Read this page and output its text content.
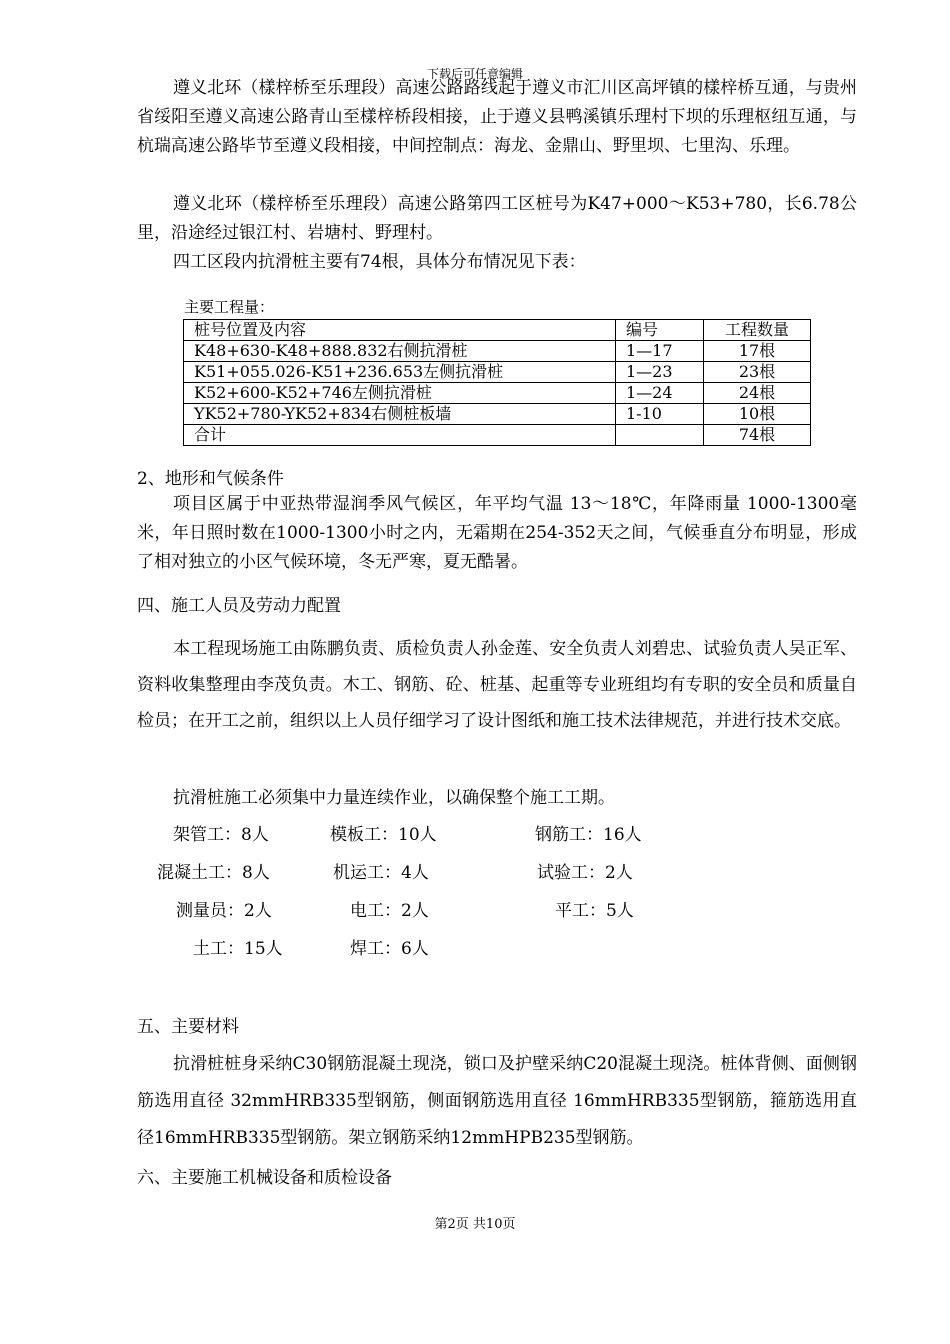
下载后可任意编辑

遵义北环（樣梓桥至乐理段）高速公路路线起于遵义市汇川区高坪镇的樣梓桥互通，与贵州省绥阳至遵义高速公路青山至樣梓桥段相接，止于遵义县鸭溪镇乐理村下坝的乐理枢纽互通，与杭瑞高速公路毕节至遵义段相接，中间控制点：海龙、金鼎山、野里坝、七里沟、乐理。

遵义北环（樣梓桥至乐理段）高速公路第四工区桩号为K47+000～K53+780，长6.78公里，沿途经过银江村、岩塘村、野理村。

四工区段内抗滑桩主要有74根，具体分布情况见下表：

主要工程量：
桩号位置及内容	编号	工程数量
K48+630-K48+888.832右侧抗滑桩	1—17	17根
K51+055.026-K51+236.653左侧抗滑桩	1—23	23根
K52+600-K52+746左侧抗滑桩	1—24	24根
YK52+780-YK52+834右侧桩板墙	1-10	10根
合计		74根
2、地形和气候条件

项目区属于中亚热带湿润季风气候区，年平均气温 13～18℃，年降雨量 1000-1300毫米，年日照时数在1000-1300小时之内，无霜期在254-352天之间，气候垂直分布明显，形成了相对独立的小区气候环境，冬无严寒，夏无酷暑。

四、施工人员及劳动力配置

本工程现场施工由陈鹏负责、质检负责人孙金莲、安全负责人刘碧忠、试验负责人吴正军、资料收集整理由李茂负责。木工、钢筋、砼、桩基、起重等专业班组均有专职的安全员和质量自检员；在开工之前，组织以上人员仔细学习了设计图纸和施工技术法律规范，并进行技术交底。

抗滑桩施工必须集中力量连续作业，以确保整个施工工期。

架管工：8人	模板工：10人	钢筋工：16人
混凝土工：8人	机运工：4人	试验工：2人
测量员：2人	电工：2人	平工：5人
土工：15人	焊工：6人
五、主要材料

抗滑桩桩身采纳C30钢筋混凝土现浇，锁口及护壁采纳C20混凝土现浇。桩体背侧、面侧钢筋选用直径 32mmHRB335型钢筋，侧面钢筋选用直径 16mmHRB335型钢筋，箍筋选用直径16mmHRB335型钢筋。架立钢筋采纳12mmHPB235型钢筋。

六、主要施工机械设备和质检设备
第2页 共10页
